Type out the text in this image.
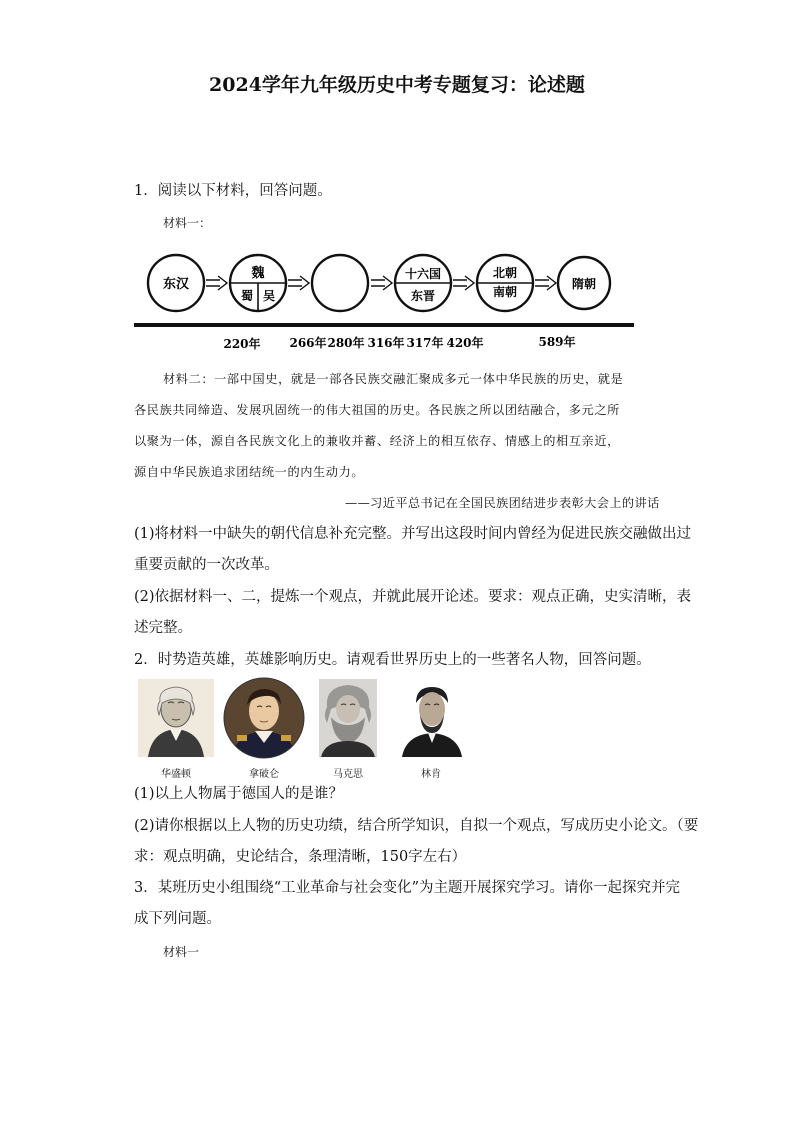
2024学年九年级历史中考专题复习：论述题
1．阅读以下材料，回答问题。
材料一：
东汉
魏
蜀 吴
十六国
东晋
北朝
南朝
隋朝
220年 266年 280年 316年 317年 420年	589年
材料二：一部中国史，就是一部各民族交融汇聚成多元一体中华民族的历史，就是
各民族共同缔造、发展巩固统一的伟大祖国的历史。各民族之所以团结融合，多元之所
以聚为一体，源自各民族文化上的兼收并蓄、经济上的相互依存、情感上的相互亲近，
源自中华民族追求团结统一的内生动力。
——习近平总书记在全国民族团结进步表彰大会上的讲话
(1)将材料一中缺失的朝代信息补充完整。并写出这段时间内曾经为促进民族交融做出过
重要贡献的一次改革。
(2)依据材料一、二，提炼一个观点，并就此展开论述。要求：观点正确，史实清晰，表
述完整。
2．时势造英雄，英雄影响历史。请观看世界历史上的一些著名人物，回答问题。
华盛顿	拿破仑	马克思	林肯
(1)以上人物属于德国人的是谁？
(2)请你根据以上人物的历史功绩，结合所学知识，自拟一个观点，写成历史小论文。（要
求：观点明确，史论结合，条理清晰，150字左右）
3．某班历史小组围绕“工业革命与社会变化”为主题开展探究学习。请你一起探究并完
成下列问题。
材料一
